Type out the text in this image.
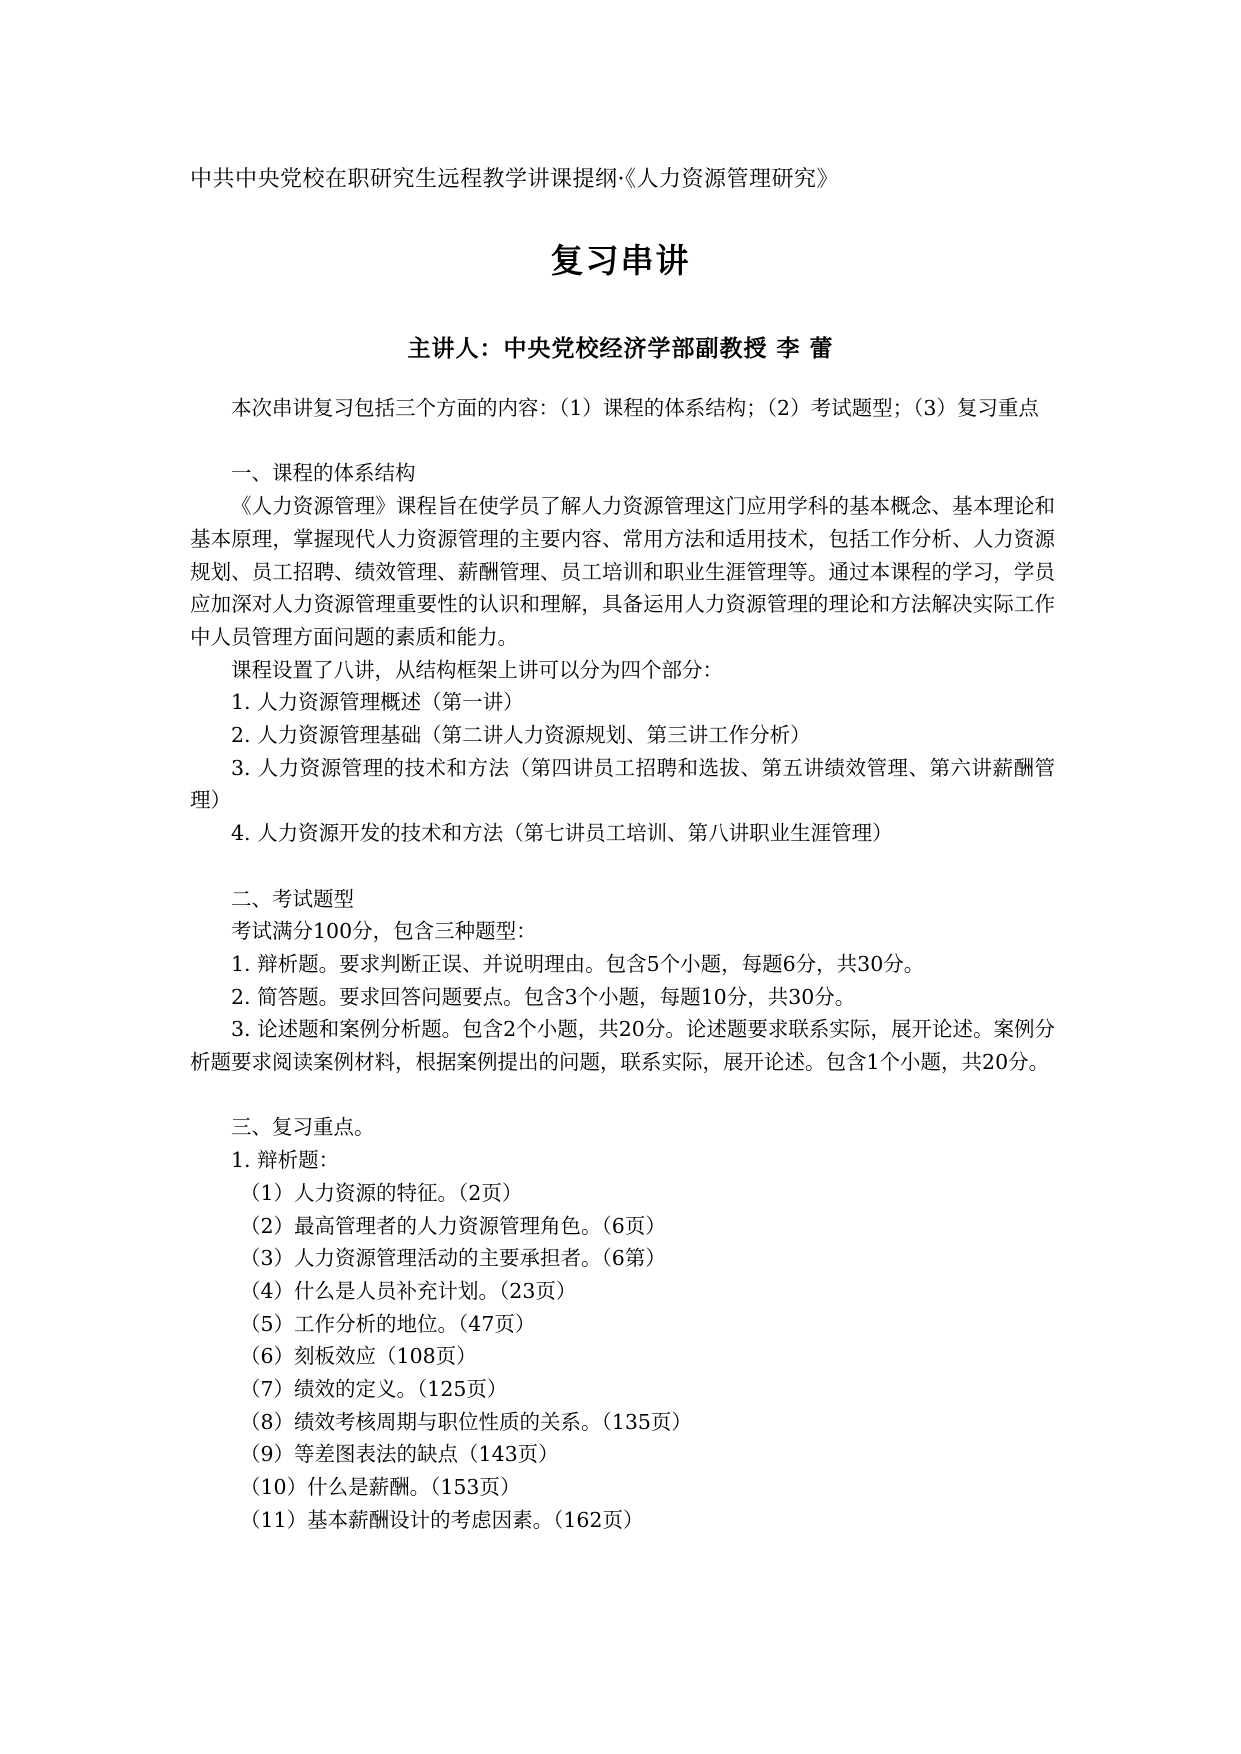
中共中央党校在职研究生远程教学讲课提纲·《人力资源管理研究》
复习串讲
主讲人：中央党校经济学部副教授 李 蕾

本次串讲复习包括三个方面的内容：（1）课程的体系结构；（2）考试题型；（3）复习重点

一、课程的体系结构

《人力资源管理》课程旨在使学员了解人力资源管理这门应用学科的基本概念、基本理论和基本原理，掌握现代人力资源管理的主要内容、常用方法和适用技术，包括工作分析、人力资源规划、员工招聘、绩效管理、薪酬管理、员工培训和职业生涯管理等。通过本课程的学习，学员应加深对人力资源管理重要性的认识和理解，具备运用人力资源管理的理论和方法解决实际工作中人员管理方面问题的素质和能力。

课程设置了八讲，从结构框架上讲可以分为四个部分：

1. 人力资源管理概述（第一讲）

2. 人力资源管理基础（第二讲人力资源规划、第三讲工作分析）

3. 人力资源管理的技术和方法（第四讲员工招聘和选拔、第五讲绩效管理、第六讲薪酬管理）

4. 人力资源开发的技术和方法（第七讲员工培训、第八讲职业生涯管理）

二、考试题型

考试满分100分，包含三种题型：

1. 辩析题。要求判断正误、并说明理由。包含5个小题，每题6分，共30分。

2. 简答题。要求回答问题要点。包含3个小题，每题10分，共30分。

3. 论述题和案例分析题。包含2个小题，共20分。论述题要求联系实际，展开论述。案例分析题要求阅读案例材料，根据案例提出的问题，联系实际，展开论述。包含1个小题，共20分。

三、复习重点。

1. 辩析题：

（1）人力资源的特征。（2页）

（2）最高管理者的人力资源管理角色。（6页）

（3）人力资源管理活动的主要承担者。（6第）

（4）什么是人员补充计划。（23页）

（5）工作分析的地位。（47页）

（6）刻板效应（108页）

（7）绩效的定义。（125页）

（8）绩效考核周期与职位性质的关系。（135页）

（9）等差图表法的缺点（143页）

（10）什么是薪酬。（153页）

（11）基本薪酬设计的考虑因素。（162页）
